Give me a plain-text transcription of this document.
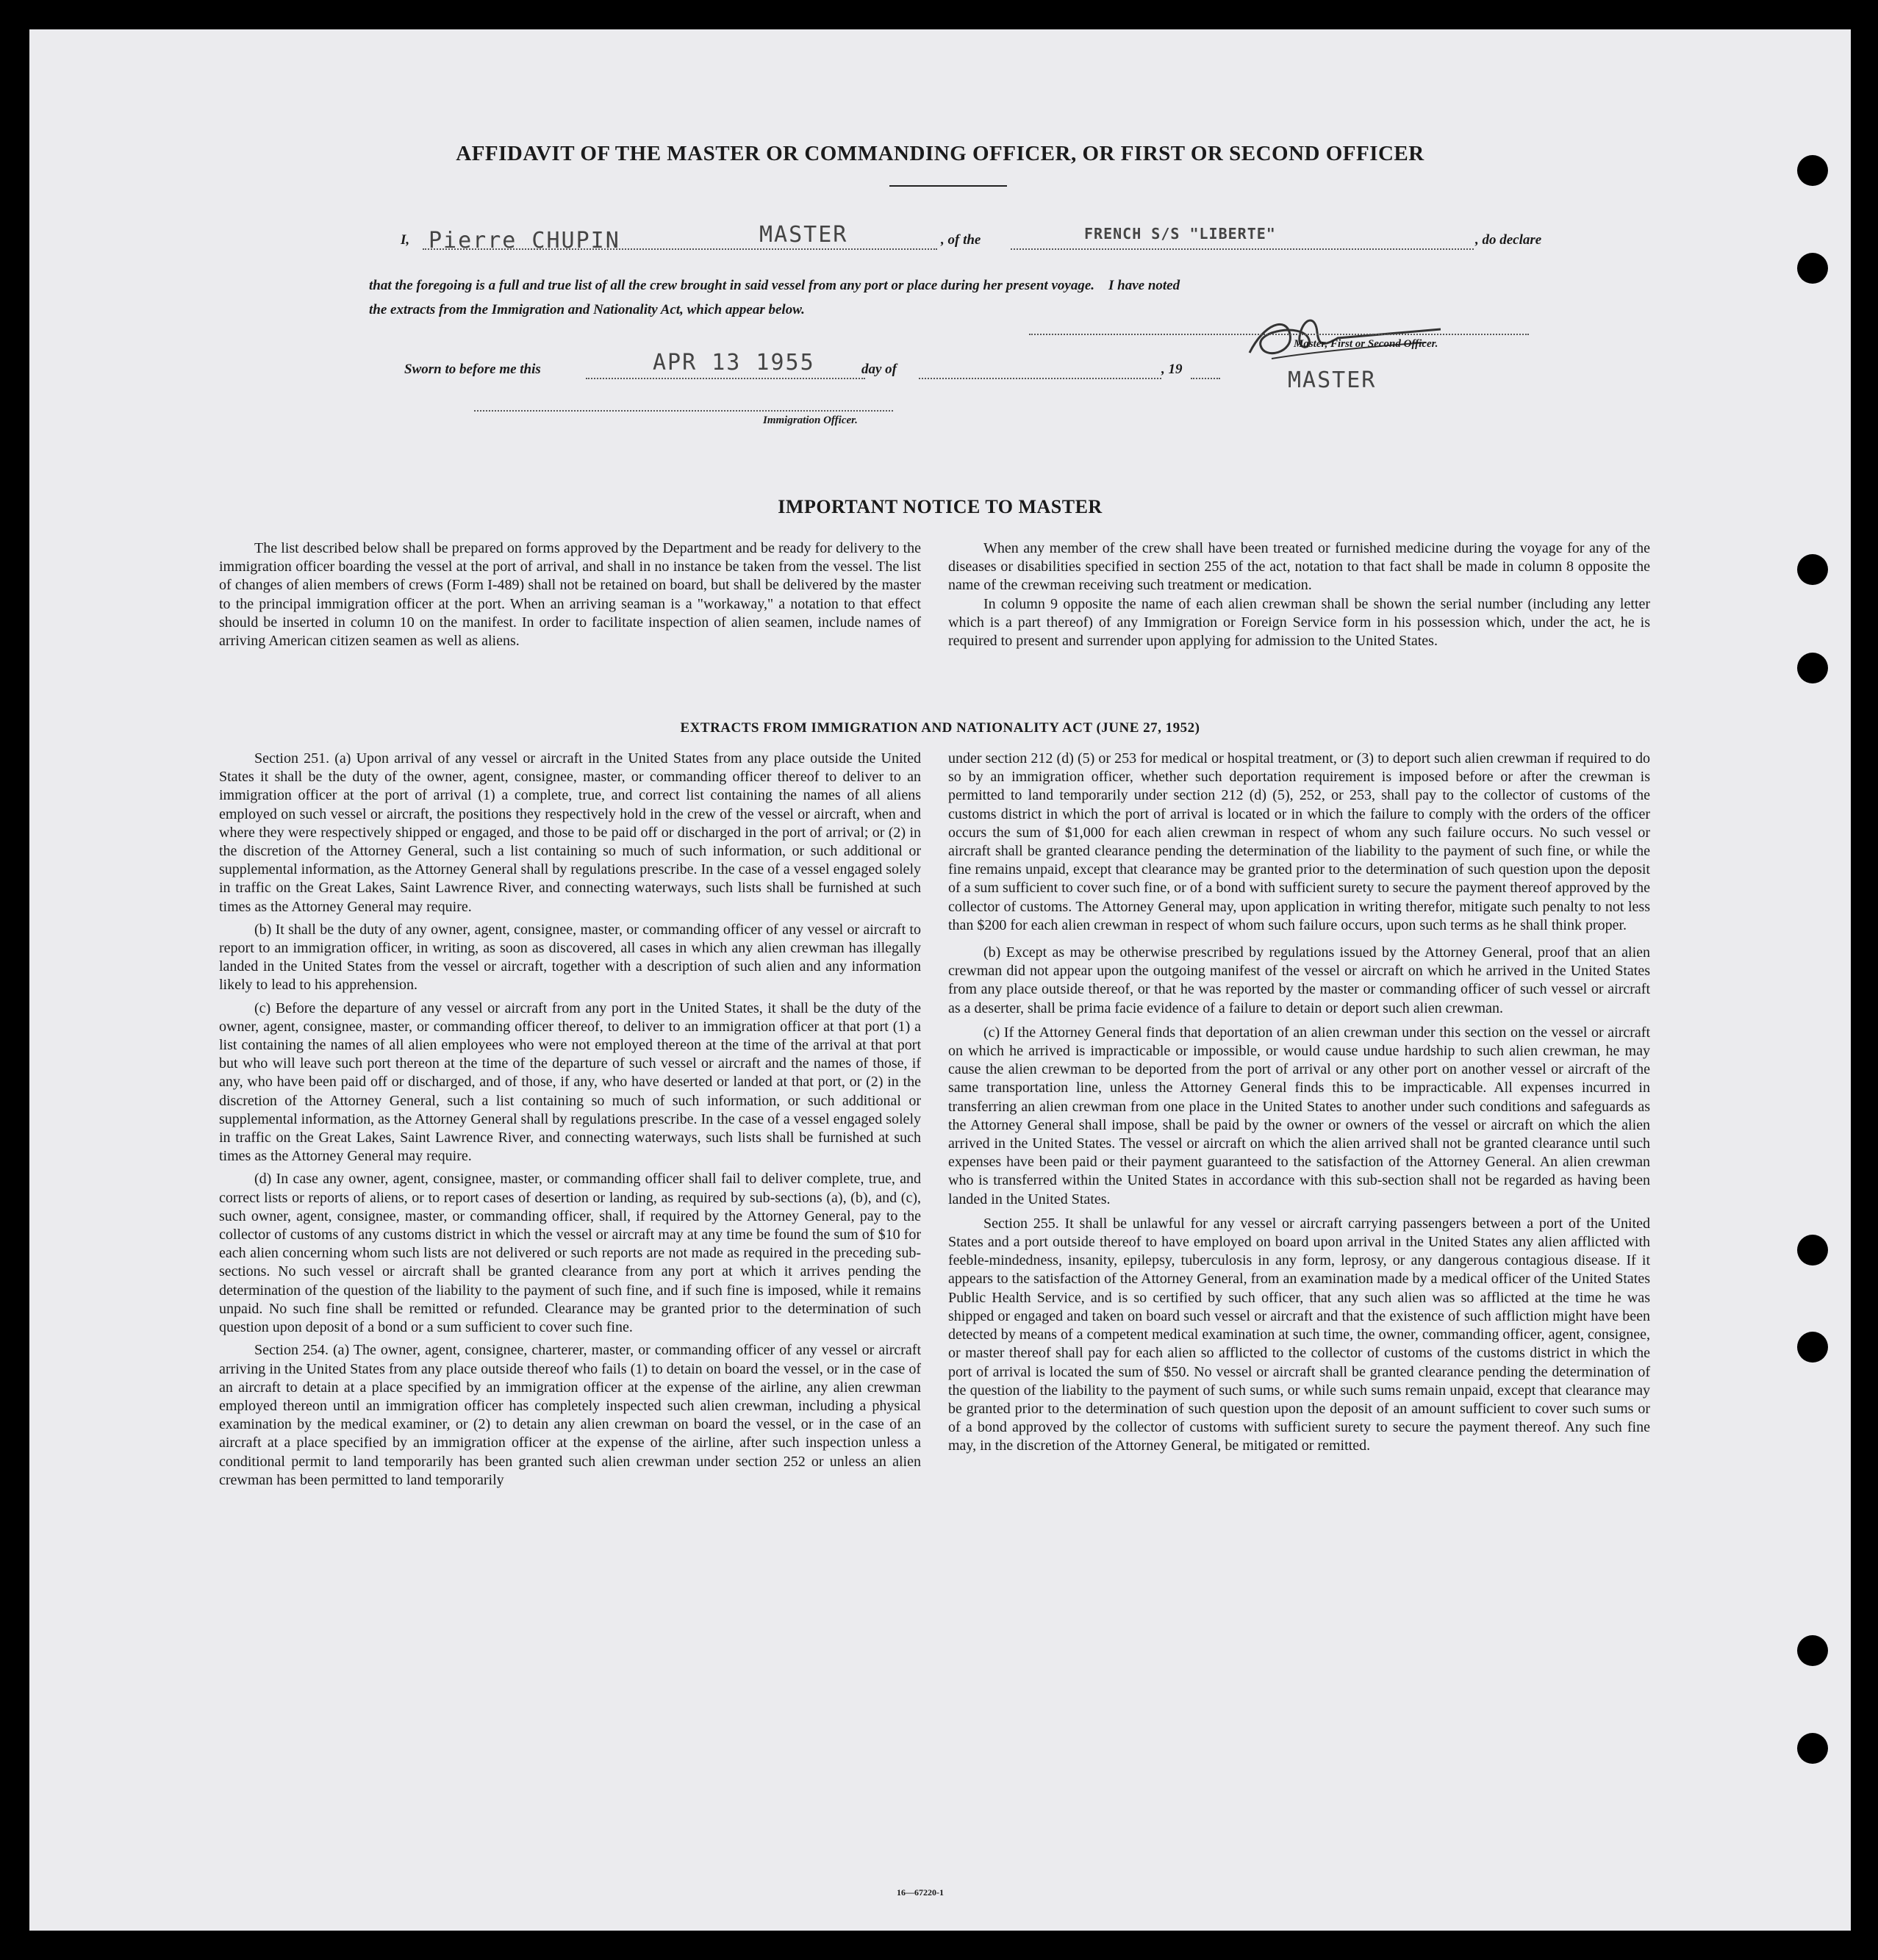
AFFIDAVIT OF THE MASTER OR COMMANDING OFFICER, OR FIRST OR SECOND OFFICER
I, Pierre CHUPIN	MASTER	, of the	FRENCH S/S "LIBERTE"	, do declare
that the foregoing is a full and true list of all the crew brought in said vessel from any port or place during her present voyage.    I have noted
the extracts from the Immigration and Nationality Act, which appear below.
Master, First or Second Officer.
MASTER
Sworn to before me this	APR 13 1955	day of	, 19
Immigration Officer.
IMPORTANT NOTICE TO MASTER

The list described below shall be prepared on forms approved by the Department and be ready for delivery to the immigration officer boarding the vessel at the port of arrival, and shall in no instance be taken from the vessel. The list of changes of alien members of crews (Form I-489) shall not be retained on board, but shall be delivered by the master to the principal immigration officer at the port. When an arriving seaman is a "workaway," a notation to that effect should be inserted in column 10 on the manifest. In order to facilitate inspection of alien seamen, include names of arriving American citizen seamen as well as aliens.

When any member of the crew shall have been treated or furnished medicine during the voyage for any of the diseases or disabilities specified in section 255 of the act, notation to that fact shall be made in column 8 opposite the name of the crewman receiving such treatment or medication.

In column 9 opposite the name of each alien crewman shall be shown the serial number (including any letter which is a part thereof) of any Immigration or Foreign Service form in his possession which, under the act, he is required to present and surrender upon applying for admission to the United States.

EXTRACTS FROM IMMIGRATION AND NATIONALITY ACT (JUNE 27, 1952)

Section 251. (a) Upon arrival of any vessel or aircraft in the United States from any place outside the United States it shall be the duty of the owner, agent, consignee, master, or commanding officer thereof to deliver to an immigration officer at the port of arrival (1) a complete, true, and correct list containing the names of all aliens employed on such vessel or aircraft, the positions they respectively hold in the crew of the vessel or aircraft, when and where they were respectively shipped or engaged, and those to be paid off or discharged in the port of arrival; or (2) in the discretion of the Attorney General, such a list containing so much of such information, or such additional or supplemental information, as the Attorney General shall by regulations prescribe. In the case of a vessel engaged solely in traffic on the Great Lakes, Saint Lawrence River, and connecting waterways, such lists shall be furnished at such times as the Attorney General may require.

(b) It shall be the duty of any owner, agent, consignee, master, or commanding officer of any vessel or aircraft to report to an immigration officer, in writing, as soon as discovered, all cases in which any alien crewman has illegally landed in the United States from the vessel or aircraft, together with a description of such alien and any information likely to lead to his apprehension.

(c) Before the departure of any vessel or aircraft from any port in the United States, it shall be the duty of the owner, agent, consignee, master, or commanding officer thereof, to deliver to an immigration officer at that port (1) a list containing the names of all alien employees who were not employed thereon at the time of the arrival at that port but who will leave such port thereon at the time of the departure of such vessel or aircraft and the names of those, if any, who have been paid off or discharged, and of those, if any, who have deserted or landed at that port, or (2) in the discretion of the Attorney General, such a list containing so much of such information, or such additional or supplemental information, as the Attorney General shall by regulations prescribe. In the case of a vessel engaged solely in traffic on the Great Lakes, Saint Lawrence River, and connecting waterways, such lists shall be furnished at such times as the Attorney General may require.

(d) In case any owner, agent, consignee, master, or commanding officer shall fail to deliver complete, true, and correct lists or reports of aliens, or to report cases of desertion or landing, as required by sub-sections (a), (b), and (c), such owner, agent, consignee, master, or commanding officer, shall, if required by the Attorney General, pay to the collector of customs of any customs district in which the vessel or aircraft may at any time be found the sum of $10 for each alien concerning whom such lists are not delivered or such reports are not made as required in the preceding sub-sections. No such vessel or aircraft shall be granted clearance from any port at which it arrives pending the determination of the question of the liability to the payment of such fine, and if such fine is imposed, while it remains unpaid. No such fine shall be remitted or refunded. Clearance may be granted prior to the determination of such question upon deposit of a bond or a sum sufficient to cover such fine.

Section 254. (a) The owner, agent, consignee, charterer, master, or commanding officer of any vessel or aircraft arriving in the United States from any place outside thereof who fails (1) to detain on board the vessel, or in the case of an aircraft to detain at a place specified by an immigration officer at the expense of the airline, any alien crewman employed thereon until an immigration officer has completely inspected such alien crewman, including a physical examination by the medical examiner, or (2) to detain any alien crewman on board the vessel, or in the case of an aircraft at a place specified by an immigration officer at the expense of the airline, after such inspection unless a conditional permit to land temporarily has been granted such alien crewman under section 252 or unless an alien crewman has been permitted to land temporarily

under section 212 (d) (5) or 253 for medical or hospital treatment, or (3) to deport such alien crewman if required to do so by an immigration officer, whether such deportation requirement is imposed before or after the crewman is permitted to land temporarily under section 212 (d) (5), 252, or 253, shall pay to the collector of customs of the customs district in which the port of arrival is located or in which the failure to comply with the orders of the officer occurs the sum of $1,000 for each alien crewman in respect of whom any such failure occurs. No such vessel or aircraft shall be granted clearance pending the determination of the liability to the payment of such fine, or while the fine remains unpaid, except that clearance may be granted prior to the determination of such question upon the deposit of a sum sufficient to cover such fine, or of a bond with sufficient surety to secure the payment thereof approved by the collector of customs. The Attorney General may, upon application in writing therefor, mitigate such penalty to not less than $200 for each alien crewman in respect of whom such failure occurs, upon such terms as he shall think proper.

(b) Except as may be otherwise prescribed by regulations issued by the Attorney General, proof that an alien crewman did not appear upon the outgoing manifest of the vessel or aircraft on which he arrived in the United States from any place outside thereof, or that he was reported by the master or commanding officer of such vessel or aircraft as a deserter, shall be prima facie evidence of a failure to detain or deport such alien crewman.

(c) If the Attorney General finds that deportation of an alien crewman under this section on the vessel or aircraft on which he arrived is impracticable or impossible, or would cause undue hardship to such alien crewman, he may cause the alien crewman to be deported from the port of arrival or any other port on another vessel or aircraft of the same transportation line, unless the Attorney General finds this to be impracticable. All expenses incurred in transferring an alien crewman from one place in the United States to another under such conditions and safeguards as the Attorney General shall impose, shall be paid by the owner or owners of the vessel or aircraft on which the alien arrived in the United States. The vessel or aircraft on which the alien arrived shall not be granted clearance until such expenses have been paid or their payment guaranteed to the satisfaction of the Attorney General. An alien crewman who is transferred within the United States in accordance with this sub-section shall not be regarded as having been landed in the United States.

Section 255. It shall be unlawful for any vessel or aircraft carrying passengers between a port of the United States and a port outside thereof to have employed on board upon arrival in the United States any alien afflicted with feeble-mindedness, insanity, epilepsy, tuberculosis in any form, leprosy, or any dangerous contagious disease. If it appears to the satisfaction of the Attorney General, from an examination made by a medical officer of the United States Public Health Service, and is so certified by such officer, that any such alien was so afflicted at the time he was shipped or engaged and taken on board such vessel or aircraft and that the existence of such affliction might have been detected by means of a competent medical examination at such time, the owner, commanding officer, agent, consignee, or master thereof shall pay for each alien so afflicted to the collector of customs of the customs district in which the port of arrival is located the sum of $50. No vessel or aircraft shall be granted clearance pending the determination of the question of the liability to the payment of such sums, or while such sums remain unpaid, except that clearance may be granted prior to the determination of such question upon the deposit of an amount sufficient to cover such sums or of a bond approved by the collector of customs with sufficient surety to secure the payment thereof. Any such fine may, in the discretion of the Attorney General, be mitigated or remitted.

16—67220-1
